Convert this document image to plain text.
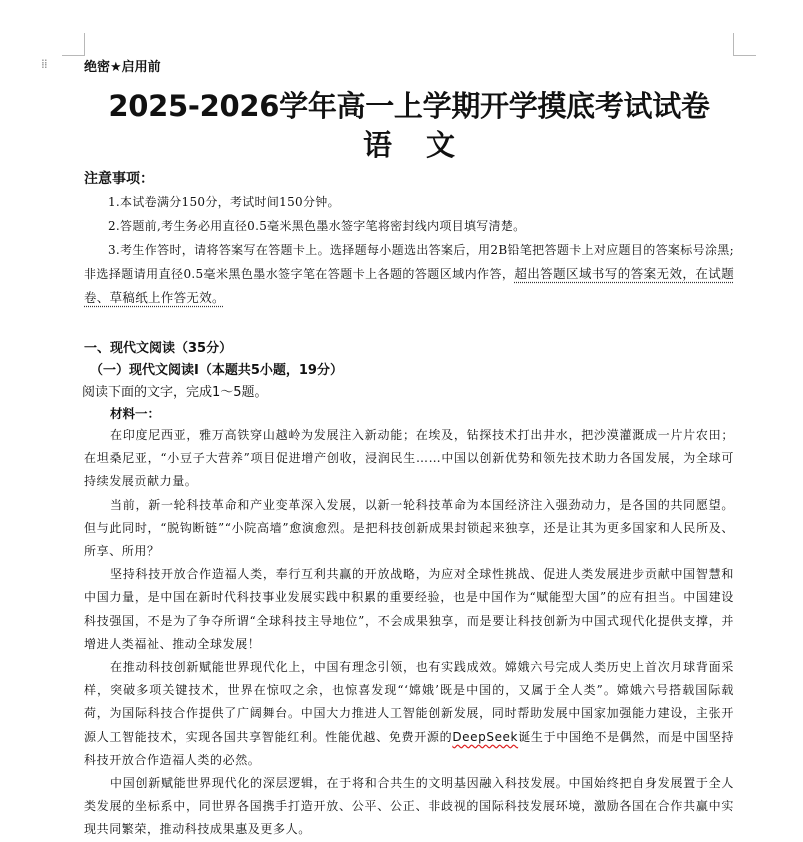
⁞⁞	绝密★启用前
2025-2026学年高一上学期开学摸底考试试卷
语 文
注意事项：
1.本试卷满分150分，考试时间150分钟。
2.答题前,考生务必用直径0.5毫米黑色墨水签字笔将密封线内项目填写清楚。
3.考生作答时，请将答案写在答题卡上。选择题每小题选出答案后，用2B铅笔把答题卡上对应题目的答案标号涂黑;非选择题请用直径0.5毫米黑色墨水签字笔在答题卡上各题的答题区域内作答，超出答题区域书写的答案无效，在试题卷、草稿纸上作答无效。
一、现代文阅读（35分）
（一）现代文阅读Ⅰ（本题共5小题，19分）
阅读下面的文字，完成1～5题。
材料一：
在印度尼西亚，雅万高铁穿山越岭为发展注入新动能；在埃及，钻探技术打出井水，把沙漠灌溉成一片片农田；在坦桑尼亚，“小豆子大营养”项目促进增产创收，浸润民生……中国以创新优势和领先技术助力各国发展，为全球可持续发展贡献力量。
当前，新一轮科技革命和产业变革深入发展，以新一轮科技革命为本国经济注入强劲动力，是各国的共同愿望。但与此同时，“脱钩断链”“小院高墙”愈演愈烈。是把科技创新成果封锁起来独享，还是让其为更多国家和人民所及、所享、所用？
坚持科技开放合作造福人类，奉行互利共赢的开放战略，为应对全球性挑战、促进人类发展进步贡献中国智慧和中国力量，是中国在新时代科技事业发展实践中积累的重要经验，也是中国作为“赋能型大国”的应有担当。中国建设科技强国，不是为了争夺所谓“全球科技主导地位”，不会成果独享，而是要让科技创新为中国式现代化提供支撑，并增进人类福祉、推动全球发展！
在推动科技创新赋能世界现代化上，中国有理念引领，也有实践成效。嫦娥六号完成人类历史上首次月球背面采样，突破多项关键技术，世界在惊叹之余，也惊喜发现“‘嫦娥’既是中国的，又属于全人类”。嫦娥六号搭载国际载荷，为国际科技合作提供了广阔舞台。中国大力推进人工智能创新发展，同时帮助发展中国家加强能力建设，主张开源人工智能技术，实现各国共享智能红利。性能优越、免费开源的DeepSeek诞生于中国绝不是偶然，而是中国坚持科技开放合作造福人类的必然。
中国创新赋能世界现代化的深层逻辑，在于将和合共生的文明基因融入科技发展。中国始终把自身发展置于全人类发展的坐标系中，同世界各国携手打造开放、公平、公正、非歧视的国际科技发展环境，激励各国在合作共赢中实现共同繁荣，推动科技成果惠及更多人。
